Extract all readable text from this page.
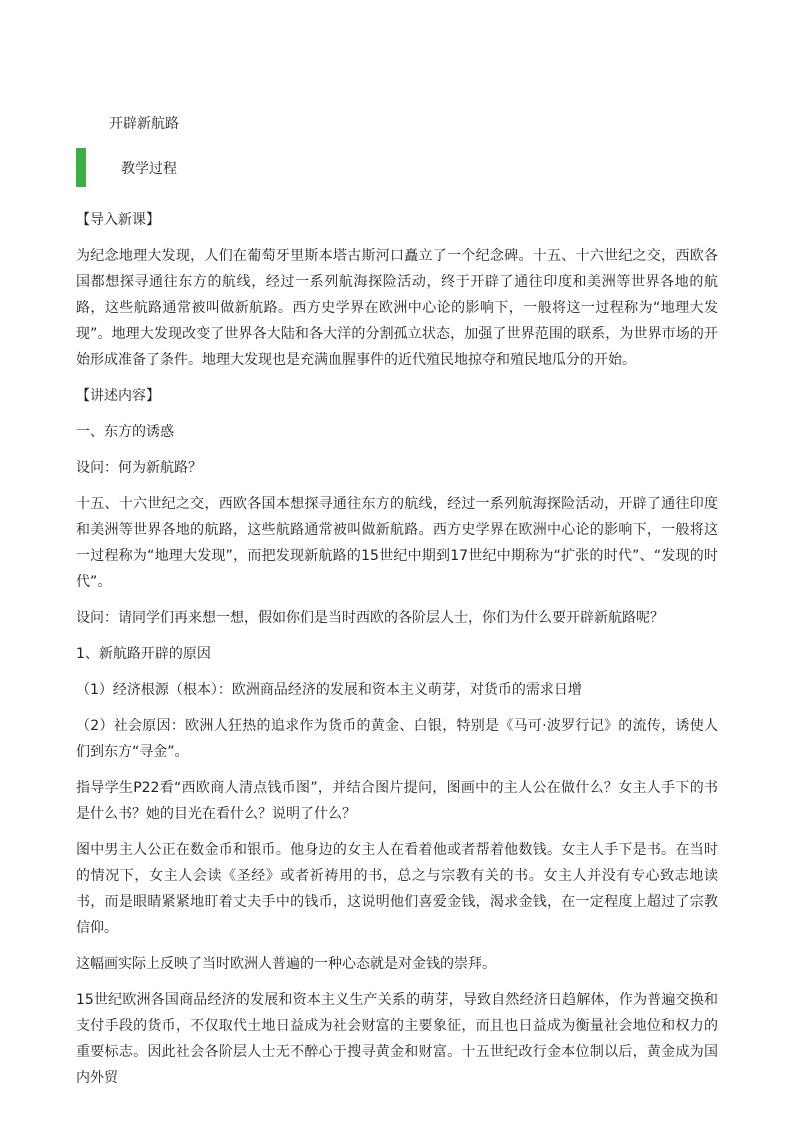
开辟新航路
教学过程

【导入新课】

为纪念地理大发现，人们在葡萄牙里斯本塔古斯河口矗立了一个纪念碑。十五、十六世纪之交，西欧各国都想探寻通往东方的航线，经过一系列航海探险活动，终于开辟了通往印度和美洲等世界各地的航路，这些航路通常被叫做新航路。西方史学界在欧洲中心论的影响下，一般将这一过程称为“地理大发现”。地理大发现改变了世界各大陆和各大洋的分割孤立状态，加强了世界范围的联系，为世界市场的开始形成准备了条件。地理大发现也是充满血腥事件的近代殖民地掠夺和殖民地瓜分的开始。

【讲述内容】

一、东方的诱惑

设问：何为新航路？

十五、十六世纪之交，西欧各国本想探寻通往东方的航线，经过一系列航海探险活动，开辟了通往印度和美洲等世界各地的航路，这些航路通常被叫做新航路。西方史学界在欧洲中心论的影响下，一般将这一过程称为“地理大发现”，而把发现新航路的15世纪中期到17世纪中期称为“扩张的时代”、“发现的时代”。

设问：请同学们再来想一想，假如你们是当时西欧的各阶层人士，你们为什么要开辟新航路呢？

1、新航路开辟的原因

（1）经济根源（根本）：欧洲商品经济的发展和资本主义萌芽，对货币的需求日增

（2）社会原因：欧洲人狂热的追求作为货币的黄金、白银，特别是《马可·波罗行记》的流传，诱使人们到东方“寻金”。

指导学生P22看“西欧商人清点钱币图”，并结合图片提问，图画中的主人公在做什么？女主人手下的书是什么书？她的目光在看什么？说明了什么？

图中男主人公正在数金币和银币。他身边的女主人在看着他或者帮着他数钱。女主人手下是书。在当时的情况下，女主人会读《圣经》或者祈祷用的书，总之与宗教有关的书。女主人并没有专心致志地读书，而是眼睛紧紧地盯着丈夫手中的钱币，这说明他们喜爱金钱，渴求金钱，在一定程度上超过了宗教信仰。

这幅画实际上反映了当时欧洲人普遍的一种心态就是对金钱的崇拜。

15世纪欧洲各国商品经济的发展和资本主义生产关系的萌芽，导致自然经济日趋解体，作为普遍交换和支付手段的货币，不仅取代土地日益成为社会财富的主要象征，而且也日益成为衡量社会地位和权力的重要标志。因此社会各阶层人士无不醉心于搜寻黄金和财富。十五世纪改行金本位制以后，黄金成为国内外贸
